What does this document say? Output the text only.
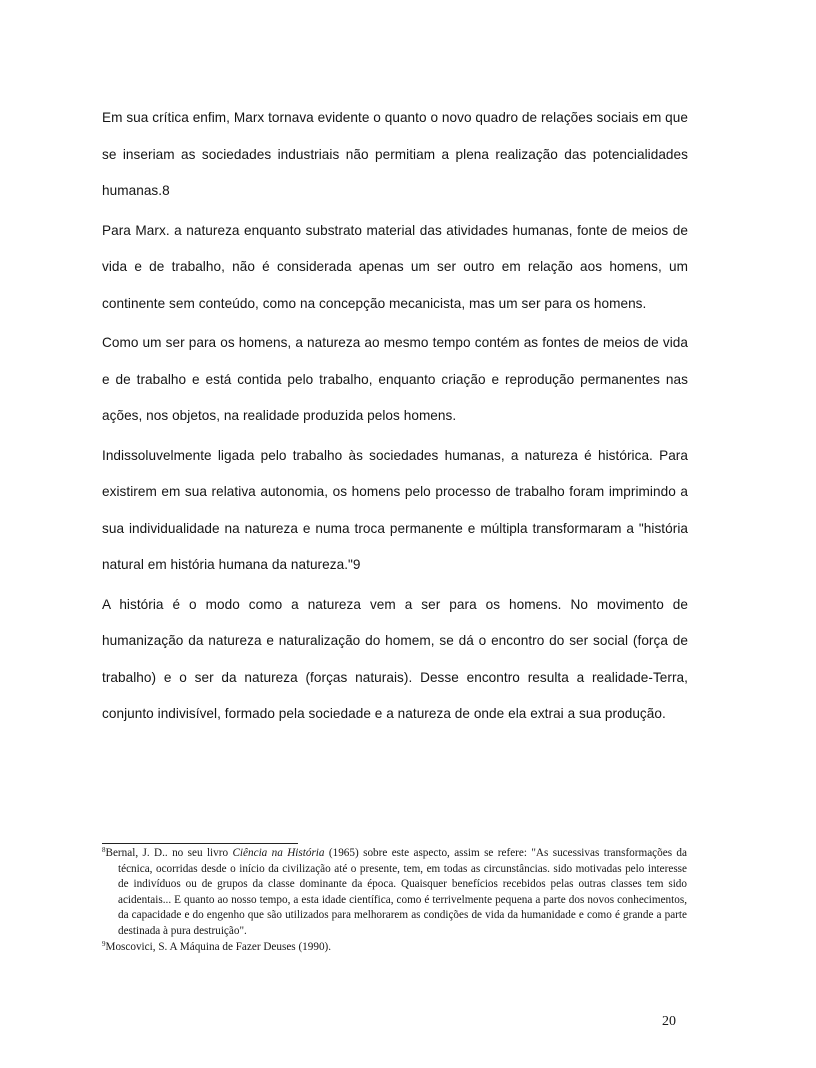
Em sua crítica enfim, Marx tornava evidente o quanto o novo quadro de relações sociais em que se inseriam as sociedades industriais não permitiam a plena realização das potencialidades humanas.8

Para Marx. a natureza enquanto substrato material das atividades humanas, fonte de meios de vida e de trabalho, não é considerada apenas um ser outro em relação aos homens, um continente sem conteúdo, como na concepção mecanicista, mas um ser para os homens.

Como um ser para os homens, a natureza ao mesmo tempo contém as fontes de meios de vida e de trabalho e está contida pelo trabalho, enquanto criação e reprodução permanentes nas ações, nos objetos, na realidade produzida pelos homens.

Indissoluvelmente ligada pelo trabalho às sociedades humanas, a natureza é histórica. Para existirem em sua relativa autonomia, os homens pelo processo de trabalho foram imprimindo a sua individualidade na natureza e numa troca permanente e múltipla transformaram a "história natural em história humana da natureza."9

A história é o modo como a natureza vem a ser para os homens. No movimento de humanização da natureza e naturalização do homem, se dá o encontro do ser social (força de trabalho) e o ser da natureza (forças naturais). Desse encontro resulta a realidade-Terra, conjunto indivisível, formado pela sociedade e a natureza de onde ela extrai a sua produção.

$^8$Bernal, J. D.. no seu livro Ciência na História (1965) sobre este aspecto, assim se refere: "As sucessivas transformações da técnica, ocorridas desde o início da civilização até o presente, tem, em todas as circunstâncias. sido motivadas pelo interesse de indivíduos ou de grupos da classe dominante da época. Quaisquer benefícios recebidos pelas outras classes tem sido acidentais... E quanto ao nosso tempo, a esta idade científica, como é terrivelmente pequena a parte dos novos conhecimentos, da capacidade e do engenho que são utilizados para melhorarem as condições de vida da humanidade e como é grande a parte destinada à pura destruição".

$^9$Moscovici, S. A Máquina de Fazer Deuses (1990).

20
